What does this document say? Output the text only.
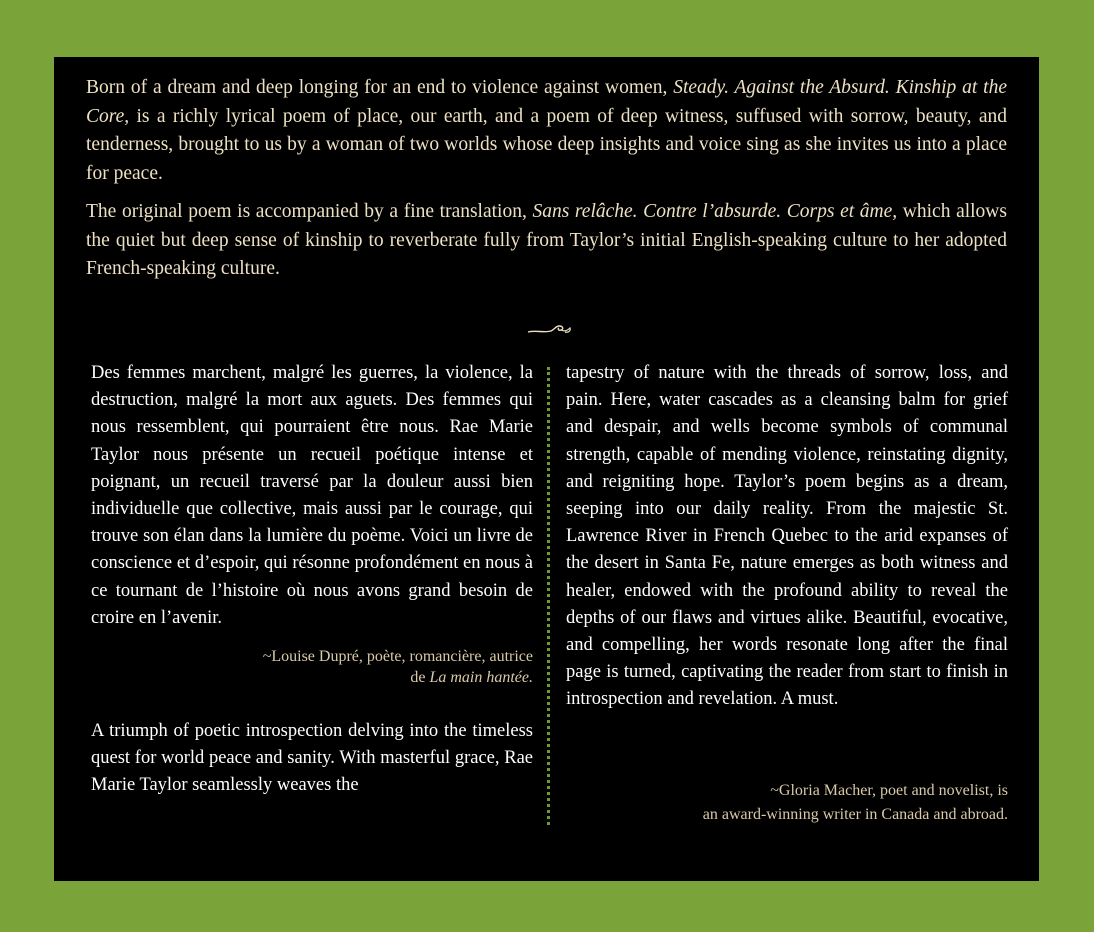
Born of a dream and deep longing for an end to violence against women, Steady. Against the Absurd. Kinship at the Core, is a richly lyrical poem of place, our earth, and a poem of deep witness, suffused with sorrow, beauty, and tenderness, brought to us by a woman of two worlds whose deep insights and voice sing as she invites us into a place for peace.

The original poem is accompanied by a fine translation, Sans relâche. Contre l’absurde. Corps et âme, which allows the quiet but deep sense of kinship to reverberate fully from Taylor’s initial English-speaking culture to her adopted French-speaking culture.

Des femmes marchent, malgré les guerres, la violence, la destruction, malgré la mort aux aguets. Des femmes qui nous ressemblent, qui pourraient être nous. Rae Marie Taylor nous présente un recueil poétique intense et poignant, un recueil traversé par la douleur aussi bien individuelle que collective, mais aussi par le courage, qui trouve son élan dans la lumière du poème. Voici un livre de conscience et d’espoir, qui résonne profondément en nous à ce tournant de l’histoire où nous avons grand besoin de croire en l’avenir.

~Louise Dupré, poète, romancière, autrice
de La main hantée.

A triumph of poetic introspection delving into the timeless quest for world peace and sanity. With masterful grace, Rae Marie Taylor seamlessly weaves the

tapestry of nature with the threads of sorrow, loss, and pain. Here, water cascades as a cleansing balm for grief and despair, and wells become symbols of communal strength, capable of mending violence, reinstating dignity, and reigniting hope. Taylor’s poem begins as a dream, seeping into our daily reality. From the majestic St. Lawrence River in French Quebec to the arid expanses of the desert in Santa Fe, nature emerges as both witness and healer, endowed with the profound ability to reveal the depths of our flaws and virtues alike. Beautiful, evocative, and compelling, her words resonate long after the final page is turned, captivating the reader from start to finish in introspection and revelation. A must.

~Gloria Macher, poet and novelist, is
an award-winning writer in Canada and abroad.
